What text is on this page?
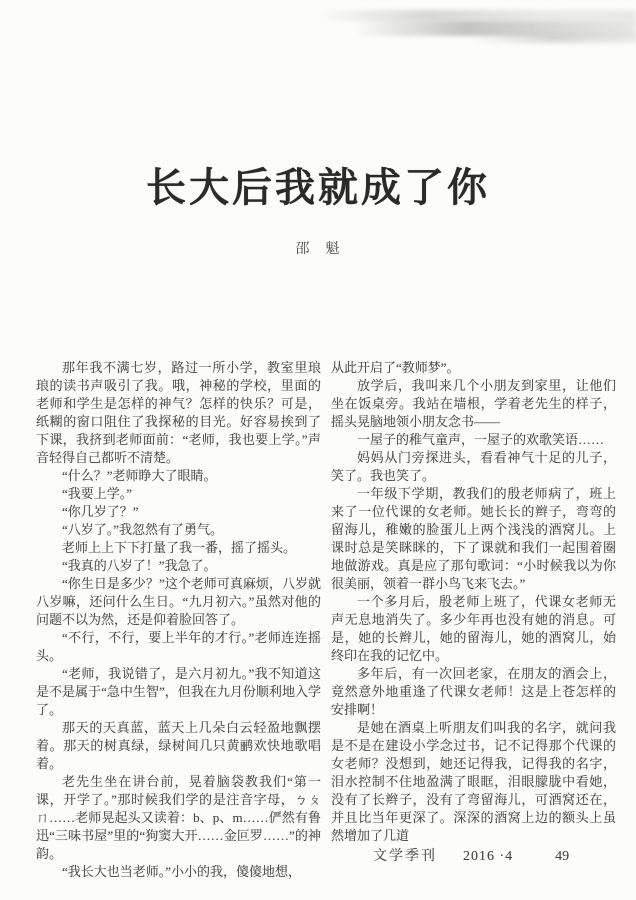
长大后我就成了你
邵　魁

那年我不满七岁，路过一所小学，教室里琅琅的读书声吸引了我。哦，神秘的学校，里面的老师和学生是怎样的神气？怎样的快乐？可是，纸糊的窗口阻住了我探秘的目光。好容易挨到了下课，我挤到老师面前：“老师，我也要上学。”声音轻得自己都听不清楚。

“什么？”老师睁大了眼睛。

“我要上学。”

“你几岁了？”

“八岁了。”我忽然有了勇气。

老师上上下下打量了我一番，摇了摇头。

“我真的八岁了！”我急了。

“你生日是多少？”这个老师可真麻烦，八岁就八岁嘛，还问什么生日。“九月初六。”虽然对他的问题不以为然，还是仰着脸回答了。

“不行，不行，要上半年的才行。”老师连连摇头。

“老师，我说错了，是六月初九。”我不知道这是不是属于“急中生智”，但我在九月份顺利地入学了。

那天的天真蓝，蓝天上几朵白云轻盈地飘摆着。那天的树真绿，绿树间几只黄鹂欢快地歌唱着。

老先生坐在讲台前，晃着脑袋教我们“第一课，开学了。”那时候我们学的是注音字母，ㄅㄆㄇ……老师晃起头又读着：b、p、m……俨然有鲁迅“三味书屋”里的“狗窦大开……金叵罗……”的神韵。

“我长大也当老师。”小小的我，傻傻地想，

从此开启了“教师梦”。

放学后，我叫来几个小朋友到家里，让他们坐在饭桌旁。我站在墙根，学着老先生的样子，摇头晃脑地领小朋友念书——

一屋子的稚气童声，一屋子的欢歌笑语……

妈妈从门旁探进头，看看神气十足的儿子，笑了。我也笑了。

一年级下学期，教我们的殷老师病了，班上来了一位代课的女老师。她长长的辫子，弯弯的留海儿，稚嫩的脸蛋儿上两个浅浅的酒窝儿。上课时总是笑眯眯的，下了课就和我们一起围着圈地做游戏。真是应了那句歌词：“小时候我以为你很美丽，领着一群小鸟飞来飞去。”

一个多月后，殷老师上班了，代课女老师无声无息地消失了。多少年再也没有她的消息。可是，她的长辫儿，她的留海儿，她的酒窝儿，始终印在我的记忆中。

多年后，有一次回老家，在朋友的酒会上，竟然意外地重逢了代课女老师！这是上苍怎样的安排啊！

是她在酒桌上听朋友们叫我的名字，就问我是不是在建设小学念过书，记不记得那个代课的女老师？没想到，她还记得我，记得我的名字，泪水控制不住地盈满了眼眶，泪眼朦胧中看她，没有了长辫子，没有了弯留海儿，可酒窝还在，并且比当年更深了。深深的酒窝上边的额头上虽然增加了几道

文学季刊 2016 ·4	49
